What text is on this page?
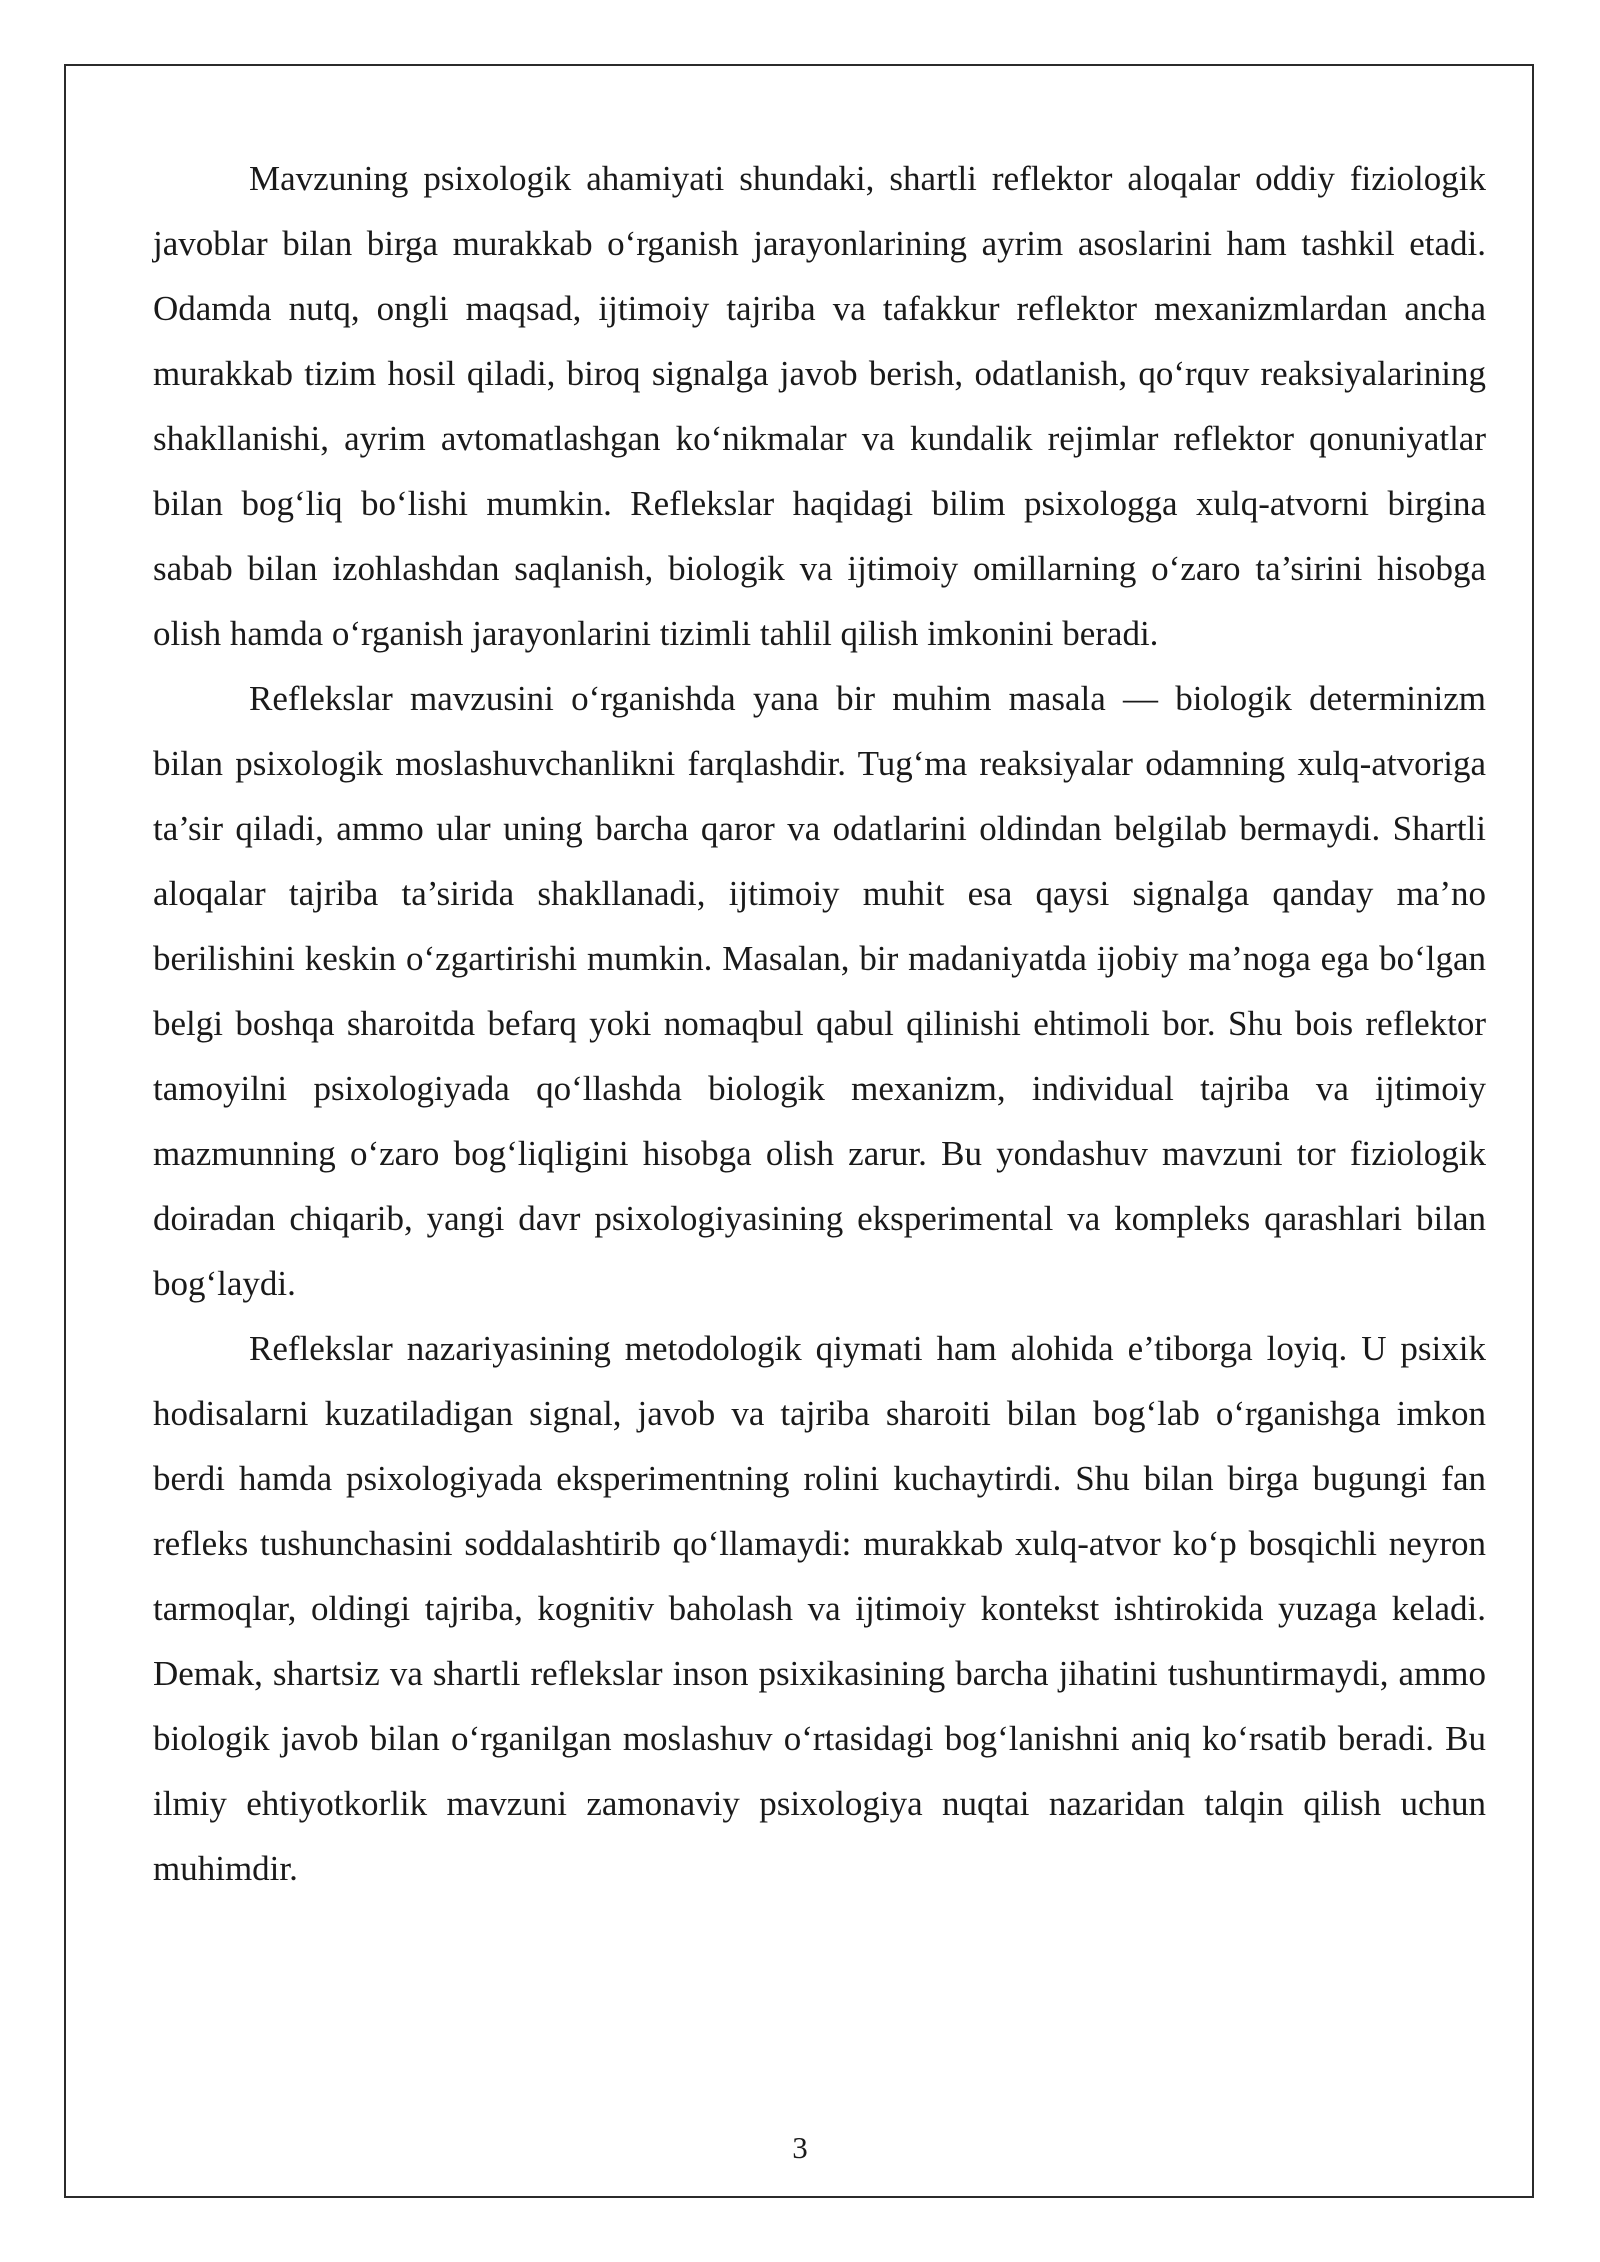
Mavzuning psixologik ahamiyati shundaki, shartli reflektor aloqalar oddiy fiziologik javoblar bilan birga murakkab o‘rganish jarayonlarining ayrim asoslarini ham tashkil etadi. Odamda nutq, ongli maqsad, ijtimoiy tajriba va tafakkur reflektor mexanizmlardan ancha murakkab tizim hosil qiladi, biroq signalga javob berish, odatlanish, qo‘rquv reaksiyalarining shakllanishi, ayrim avtomatlashgan ko‘nikmalar va kundalik rejimlar reflektor qonuniyatlar bilan bog‘liq bo‘lishi mumkin. Reflekslar haqidagi bilim psixologga xulq-atvorni birgina sabab bilan izohlashdan saqlanish, biologik va ijtimoiy omillarning o‘zaro ta’sirini hisobga olish hamda o‘rganish jarayonlarini tizimli tahlil qilish imkonini beradi.

Reflekslar mavzusini o‘rganishda yana bir muhim masala — biologik determinizm bilan psixologik moslashuvchanlikni farqlashdir. Tug‘ma reaksiyalar odamning xulq-atvoriga ta’sir qiladi, ammo ular uning barcha qaror va odatlarini oldindan belgilab bermaydi. Shartli aloqalar tajriba ta’sirida shakllanadi, ijtimoiy muhit esa qaysi signalga qanday ma’no berilishini keskin o‘zgartirishi mumkin. Masalan, bir madaniyatda ijobiy ma’noga ega bo‘lgan belgi boshqa sharoitda befarq yoki nomaqbul qabul qilinishi ehtimoli bor. Shu bois reflektor tamoyilni psixologiyada qo‘llashda biologik mexanizm, individual tajriba va ijtimoiy mazmunning o‘zaro bog‘liqligini hisobga olish zarur. Bu yondashuv mavzuni tor fiziologik doiradan chiqarib, yangi davr psixologiyasining eksperimental va kompleks qarashlari bilan bog‘laydi.

Reflekslar nazariyasining metodologik qiymati ham alohida e’tiborga loyiq. U psixik hodisalarni kuzatiladigan signal, javob va tajriba sharoiti bilan bog‘lab o‘rganishga imkon berdi hamda psixologiyada eksperimentning rolini kuchaytirdi. Shu bilan birga bugungi fan refleks tushunchasini soddalashtirib qo‘llamaydi: murakkab xulq-atvor ko‘p bosqichli neyron tarmoqlar, oldingi tajriba, kognitiv baholash va ijtimoiy kontekst ishtirokida yuzaga keladi. Demak, shartsiz va shartli reflekslar inson psixikasining barcha jihatini tushuntirmaydi, ammo biologik javob bilan o‘rganilgan moslashuv o‘rtasidagi bog‘lanishni aniq ko‘rsatib beradi. Bu ilmiy ehtiyotkorlik mavzuni zamonaviy psixologiya nuqtai nazaridan talqin qilish uchun muhimdir.

3
